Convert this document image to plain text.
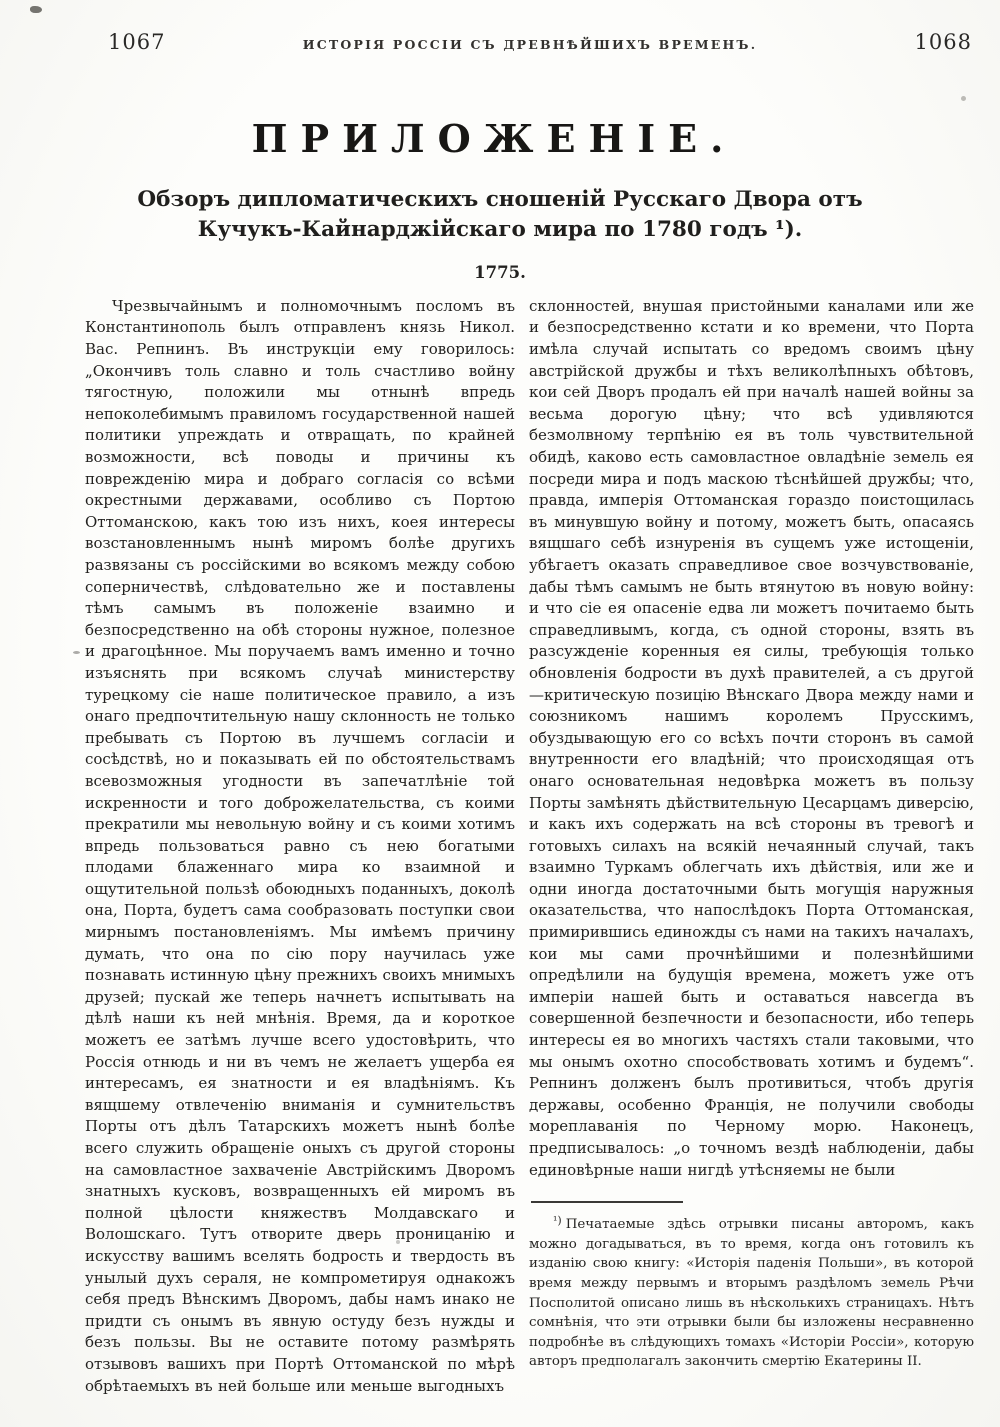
1067	ИСТОРІЯ РОССІИ СЪ ДРЕВНѢЙШИХЪ ВРЕМЕНЪ.	1068
ПРИЛОЖЕНІЕ.
Обзоръ дипломатическихъ сношеній Русскаго Двора отъ
Кучукъ-Кайнарджійскаго мира по 1780 годъ ¹).
1775.

Чрезвычайнымъ и полномочнымъ посломъ въ Константинополь былъ отправленъ князь Никол. Вас. Репнинъ. Въ инструкціи ему говорилось: „Окончивъ толь славно и толь счастливо войну тягостную, положили мы отнынѣ впредь непоколебимымъ правиломъ государственной нашей политики упреждать и отвращать, по крайней возможности, всѣ поводы и причины къ поврежденію мира и добраго согласія со всѣми окрестными державами, особливо съ Портою Оттоманскою, какъ тою изъ нихъ, коея интересы возстановленнымъ нынѣ миромъ болѣе другихъ развязаны съ россійскими во всякомъ между собою соперничествѣ, слѣдовательно же и поставлены тѣмъ самымъ въ положеніе взаимно и безпосредственно на обѣ стороны нужное, полезное и драгоцѣнное. Мы поручаемъ вамъ именно и точно изъяснять при всякомъ случаѣ министерству турецкому сіе наше политическое правило, а изъ онаго предпочтительную нашу склонность не только пребывать съ Портою въ лучшемъ согласіи и сосѣдствѣ, но и показывать ей по обстоятельствамъ всевозможныя угодности въ запечатлѣніе той искренности и того доброжелательства, съ коими прекратили мы невольную войну и съ коими хотимъ впредь пользоваться равно съ нею богатыми плодами блаженнаго мира ко взаимной и ощутительной пользѣ обоюдныхъ поданныхъ, доколѣ она, Порта, будетъ сама сообразовать поступки свои мирнымъ постановленіямъ. Мы имѣемъ причину думать, что она по сію пору научилась уже познавать истинную цѣну прежнихъ своихъ мнимыхъ друзей; пускай же теперь начнетъ испытывать на дѣлѣ наши къ ней мнѣнія. Время, да и короткое можетъ ее затѣмъ лучше всего удостовѣрить, что Россія отнюдь и ни въ чемъ не желаетъ ущерба ея интересамъ, ея знатности и ея владѣніямъ. Къ вящшему отвлеченію вниманія и сумнительствъ Порты отъ дѣлъ Татарскихъ можетъ нынѣ болѣе всего служить обращеніе оныхъ съ другой стороны на самовластное захваченіе Австрійскимъ Дворомъ знатныхъ кусковъ, возвращенныхъ ей миромъ въ полной цѣлости княжествъ Молдавскаго и Волошскаго. Тутъ отворите дверь проницанію и искусству вашимъ вселять бодрость и твердость въ унылый духъ сераля, не компрометируя однакожъ себя предъ Вѣнскимъ Дворомъ, дабы намъ инако не придти съ онымъ въ явную остуду безъ нужды и безъ пользы. Вы не оставите потому размѣрять отзывовъ вашихъ при Портѣ Оттоманской по мѣрѣ обрѣтаемыхъ въ ней больше или меньше выгодныхъ

склонностей, внушая пристойными каналами или же и безпосредственно кстати и ко времени, что Порта имѣла случай испытать со вредомъ своимъ цѣну австрійской дружбы и тѣхъ великолѣпныхъ обѣтовъ, кои сей Дворъ продалъ ей при началѣ нашей войны за весьма дорогую цѣну; что всѣ удивляются безмолвному терпѣнію ея въ толь чувствительной обидѣ, каково есть самовластное овладѣніе земель ея посреди мира и подъ маскою тѣснѣйшей дружбы; что, правда, имперія Оттоманская гораздо поистощилась въ минувшую войну и потому, можетъ быть, опасаясь вящшаго себѣ изнуренія въ сущемъ уже истощеніи, убѣгаетъ оказать справедливое свое возчувствованіе, дабы тѣмъ самымъ не быть втянутою въ новую войну: и что сіе ея опасеніе едва ли можетъ почитаемо быть справедливымъ, когда, съ одной стороны, взять въ разсужденіе коренныя ея силы, требующія только обновленія бодрости въ духѣ правителей, а съ другой—критическую позицію Вѣнскаго Двора между нами и союзникомъ нашимъ королемъ Прусскимъ, обуздывающую его со всѣхъ почти сторонъ въ самой внутренности его владѣній; что происходящая отъ онаго основательная недовѣрка можетъ въ пользу Порты замѣнять дѣйствительную Цесарцамъ диверсію, и какъ ихъ содержать на всѣ стороны въ тревогѣ и готовыхъ силахъ на всякій нечаянный случай, такъ взаимно Туркамъ облегчать ихъ дѣйствія, или же и одни иногда достаточными быть могущія наружныя оказательства, что напослѣдокъ Порта Оттоманская, примирившись единожды съ нами на такихъ началахъ, кои мы сами прочнѣйшими и полезнѣйшими опредѣлили на будущія времена, можетъ уже отъ имперіи нашей быть и оставаться навсегда въ совершенной безпечности и безопасности, ибо теперь интересы ея во многихъ частяхъ стали таковыми, что мы онымъ охотно способствовать хотимъ и будемъ“. Репнинъ долженъ былъ противиться, чтобъ другія державы, особенно Франція, не получили свободы мореплаванія по Черному морю. Наконецъ, предписывалось: „о точномъ вездѣ наблюденіи, дабы единовѣрные наши нигдѣ утѣсняемы не были

$^{^1)}$ Печатаемые здѣсь отрывки писаны авторомъ, какъ можно догадываться, въ то время, когда онъ готовилъ къ изданію свою книгу: «Исторія паденія Польши», въ которой время между первымъ и вторымъ раздѣломъ земель Рѣчи Посполитой описано лишь въ нѣсколькихъ страницахъ. Нѣтъ сомнѣнія, что эти отрывки были бы изложены несравненно подробнѣе въ слѣдующихъ томахъ «Исторіи Россіи», которую авторъ предполагалъ закончить смертію Екатерины II.
